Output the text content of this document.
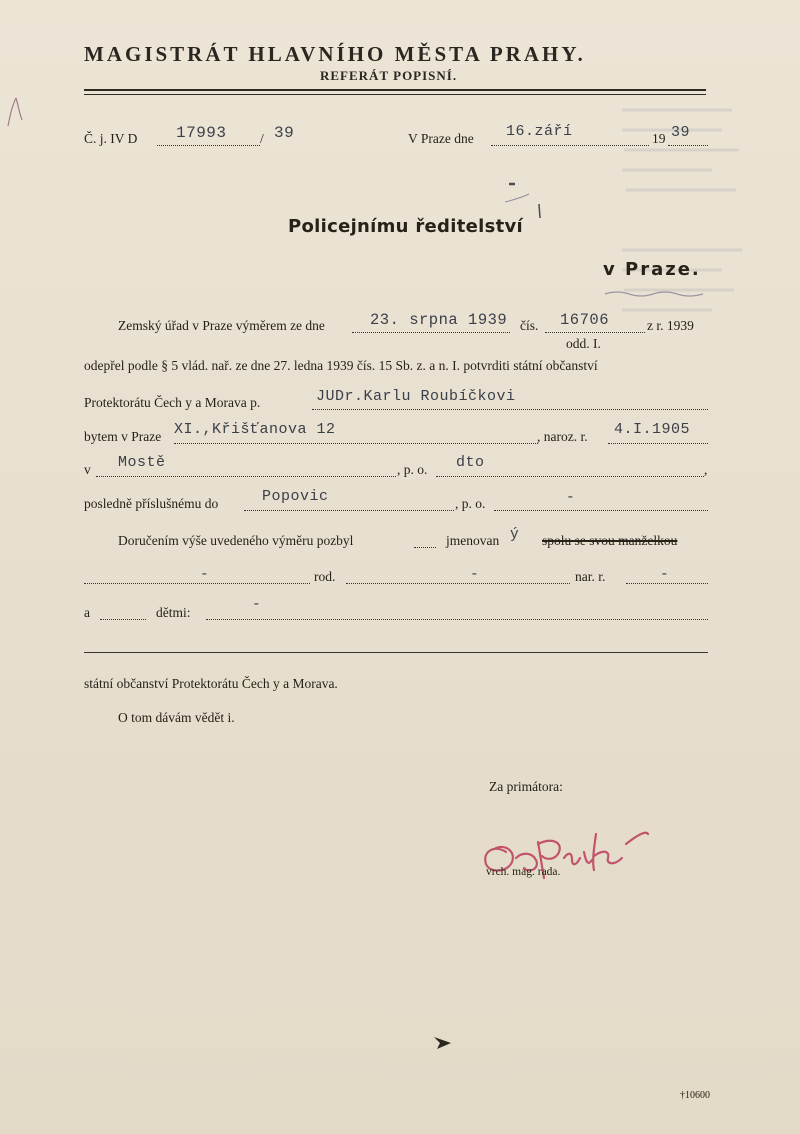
MAGISTRÁT HLAVNÍHO MĚSTA PRAHY.
REFERÁT POPISNÍ.
Č. j. IV D 17993 / 39	V Praze dne 16.září	19 39
Policejnímu ředitelství
v Praze.
Zemský úřad v Praze výměrem ze dne	23. srpna 1939 čís. 16706	z r. 1939
odd. I.
odepřel podle § 5 vlád. nař. ze dne 27. ledna 1939 čís. 15 Sb. z. a n. I. potvrditi státní občanství
Protektorátu Čech y a Morava p.	JUDr.Karlu Roubíčkovi
bytem v Praze XI.,Křišťanova 12	, naroz. r. 4.I.1905
v Mostě	, p. o. dto	,
posledně příslušnému do	Popovic	, p. o.	-
Doručením výše uvedeného výměru pozbyl	jmenovan ý spolu se svou manželkou
-	rod.	-	nar. r.	-
a	dětmi:	-
státní občanství Protektorátu Čech y a Morava.
O tom dávám vědět i.
Za primátora:
vrch. mag. rada.
†10600
